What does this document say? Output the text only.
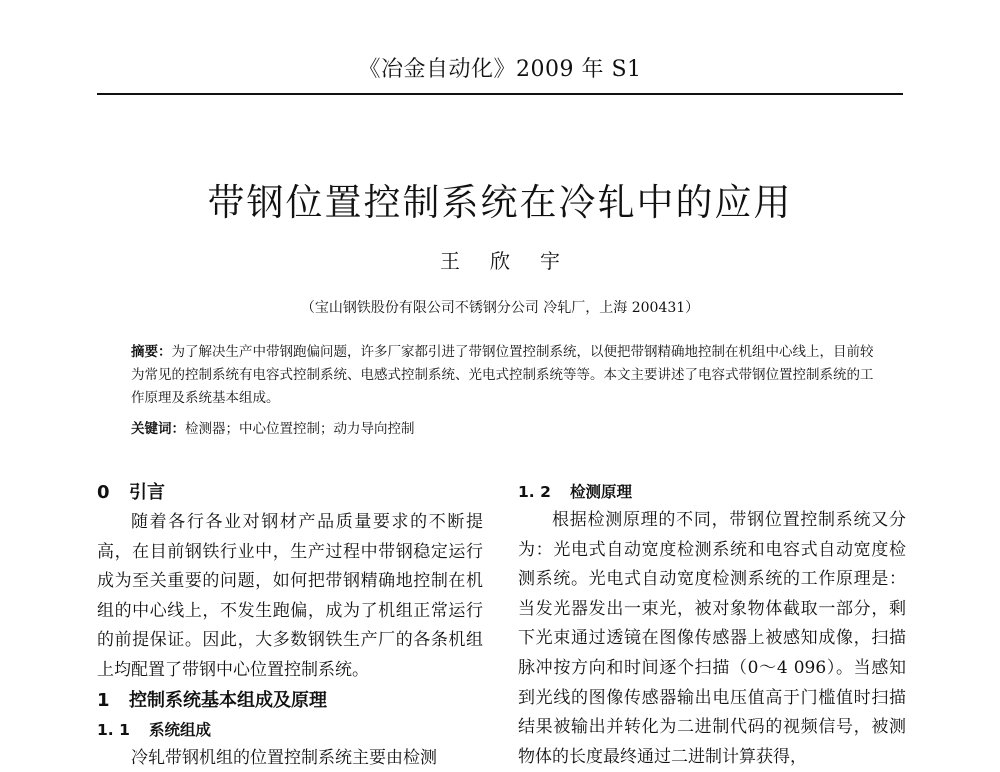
《冶金自动化》2009 年 S1
带钢位置控制系统在冷轧中的应用
王欣宇
（宝山钢铁股份有限公司不锈钢分公司 冷轧厂，上海 200431）
摘要：为了解决生产中带钢跑偏问题，许多厂家都引进了带钢位置控制系统，以便把带钢精确地控制在机组中心线上，目前较为常见的控制系统有电容式控制系统、电感式控制系统、光电式控制系统等等。本文主要讲述了电容式带钢位置控制系统的工作原理及系统基本组成。
关键词：检测器；中心位置控制；动力导向控制
0 引言

随着各行各业对钢材产品质量要求的不断提高，在目前钢铁行业中，生产过程中带钢稳定运行成为至关重要的问题，如何把带钢精确地控制在机组的中心线上，不发生跑偏，成为了机组正常运行的前提保证。因此，大多数钢铁生产厂的各条机组上均配置了带钢中心位置控制系统。

1 控制系统基本组成及原理
1. 1 系统组成

冷轧带钢机组的位置控制系统主要由检测

1. 2 检测原理

根据检测原理的不同，带钢位置控制系统又分为：光电式自动宽度检测系统和电容式自动宽度检测系统。光电式自动宽度检测系统的工作原理是：当发光器发出一束光，被对象物体截取一部分，剩下光束通过透镜在图像传感器上被感知成像，扫描脉冲按方向和时间逐个扫描（0～4 096）。当感知到光线的图像传感器输出电压值高于门槛值时扫描结果被输出并转化为二进制代码的视频信号，被测物体的长度最终通过二进制计算获得，
